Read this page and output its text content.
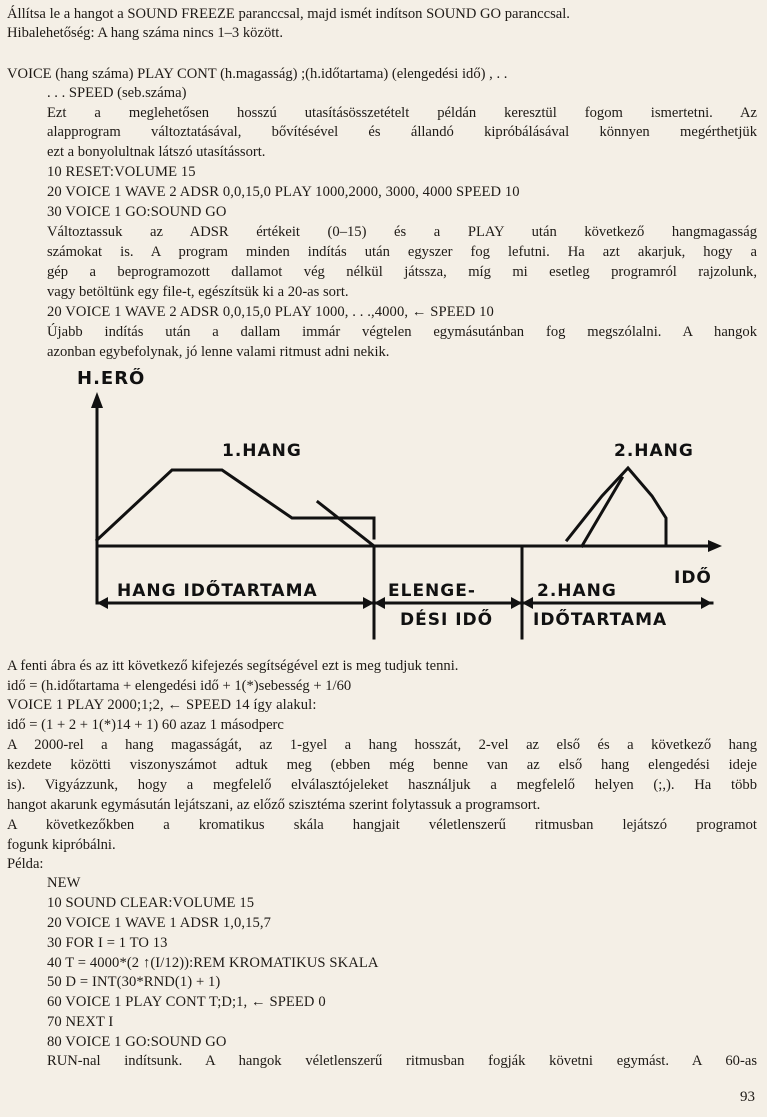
Állítsa le a hangot a SOUND FREEZE paranccsal, majd ismét indítson SOUND GO paranccsal.
Hibalehetőség: A hang száma nincs 1–3 között.
VOICE (hang száma) PLAY CONT (h.magasság) ;(h.időtartama) (elengedési idő) , . .
. . . SPEED (seb.száma)
Ezt a meglehetősen hosszú utasításösszetételt példán keresztül fogom ismertetni. Az
alapprogram változtatásával, bővítésével és állandó kipróbálásával könnyen megérthetjük
ezt a bonyolultnak látszó utasítássort.
10 RESET:VOLUME 15
20 VOICE 1 WAVE 2 ADSR 0,0,15,0 PLAY 1000,2000, 3000, 4000 SPEED 10
30 VOICE 1 GO:SOUND GO
Változtassuk az ADSR értékeit (0–15) és a PLAY után következő hangmagasság
számokat is. A program minden indítás után egyszer fog lefutni. Ha azt akarjuk, hogy a
gép a beprogramozott dallamot vég nélkül játssza, míg mi esetleg programról rajzolunk,
vagy betöltünk egy file-t, egészítsük ki a 20-as sort.
20 VOICE 1 WAVE 2 ADSR 0,0,15,0 PLAY 1000, . . .,4000, ← SPEED 10
Újabb indítás után a dallam immár végtelen egymásutánban fog megszólalni. A hangok
azonban egybefolynak, jó lenne valami ritmust adni nekik.
H.ERŐ
1.HANG	2.HANG
IDŐ
HANG IDŐTARTAMA	ELENGE-
DÉSI IDŐ
2.HANG
IDŐTARTAMA
A fenti ábra és az itt következő kifejezés segítségével ezt is meg tudjuk tenni.
idő = (h.időtartama + elengedési idő + 1(*)sebesség + 1/60
VOICE 1 PLAY 2000;1;2, ← SPEED 14 így alakul:
idő = (1 + 2 + 1(*)14 + 1) 60 azaz 1 másodperc
A 2000-rel a hang magasságát, az 1-gyel a hang hosszát, 2-vel az első és a következő hang
kezdete közötti viszonyszámot adtuk meg (ebben még benne van az első hang elengedési ideje
is). Vigyázzunk, hogy a megfelelő elválasztójeleket használjuk a megfelelő helyen (;,). Ha több
hangot akarunk egymásután lejátszani, az előző szisztéma szerint folytassuk a programsort.
A következőkben a kromatikus skála hangjait véletlenszerű ritmusban lejátszó programot
fogunk kipróbálni.
Példa:
NEW
10 SOUND CLEAR:VOLUME 15
20 VOICE 1 WAVE 1 ADSR 1,0,15,7
30 FOR I = 1 TO 13
40 T = 4000*(2 ↑(I/12)):REM KROMATIKUS SKALA
50 D = INT(30*RND(1) + 1)
60 VOICE 1 PLAY CONT T;D;1, ← SPEED 0
70 NEXT I
80 VOICE 1 GO:SOUND GO
RUN-nal indítsunk. A hangok véletlenszerű ritmusban fogják követni egymást. A 60-as
93
